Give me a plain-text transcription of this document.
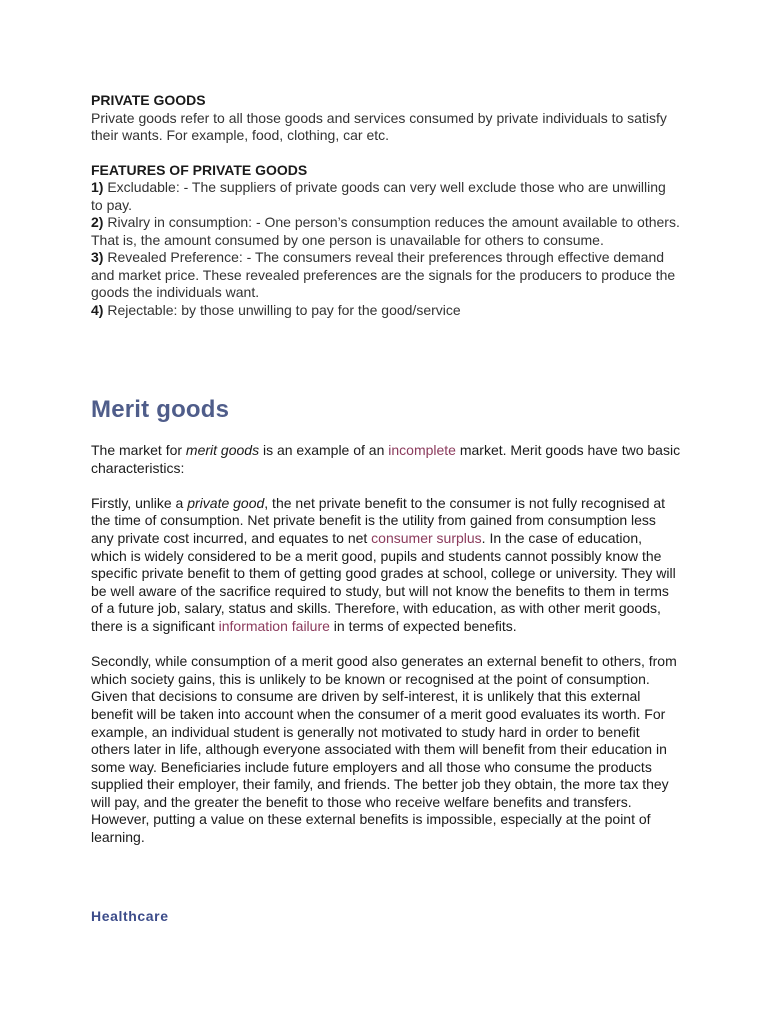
PRIVATE GOODS

Private goods refer to all those goods and services consumed by private individuals to satisfy their wants. For example, food, clothing, car etc.

FEATURES OF PRIVATE GOODS

1) Excludable: - The suppliers of private goods can very well exclude those who are unwilling to pay.

2) Rivalry in consumption: - One person’s consumption reduces the amount available to others. That is, the amount consumed by one person is unavailable for others to consume.

3) Revealed Preference: - The consumers reveal their preferences through effective demand and market price. These revealed preferences are the signals for the producers to produce the goods the individuals want.

4) Rejectable: by those unwilling to pay for the good/service

Merit goods

The market for merit goods is an example of an incomplete market. Merit goods have two basic characteristics:

Firstly, unlike a private good, the net private benefit to the consumer is not fully recognised at the time of consumption. Net private benefit is the utility from gained from consumption less any private cost incurred, and equates to net consumer surplus. In the case of education, which is widely considered to be a merit good, pupils and students cannot possibly know the specific private benefit to them of getting good grades at school, college or university. They will be well aware of the sacrifice required to study, but will not know the benefits to them in terms of a future job, salary, status and skills. Therefore, with education, as with other merit goods, there is a significant information failure in terms of expected benefits.

Secondly, while consumption of a merit good also generates an external benefit to others, from which society gains, this is unlikely to be known or recognised at the point of consumption. Given that decisions to consume are driven by self-interest, it is unlikely that this external benefit will be taken into account when the consumer of a merit good evaluates its worth. For example, an individual student is generally not motivated to study hard in order to benefit others later in life, although everyone associated with them will benefit from their education in some way. Beneficiaries include future employers and all those who consume the products supplied their employer, their family, and friends. The better job they obtain, the more tax they will pay, and the greater the benefit to those who receive welfare benefits and transfers. However, putting a value on these external benefits is impossible, especially at the point of learning.

Healthcare
